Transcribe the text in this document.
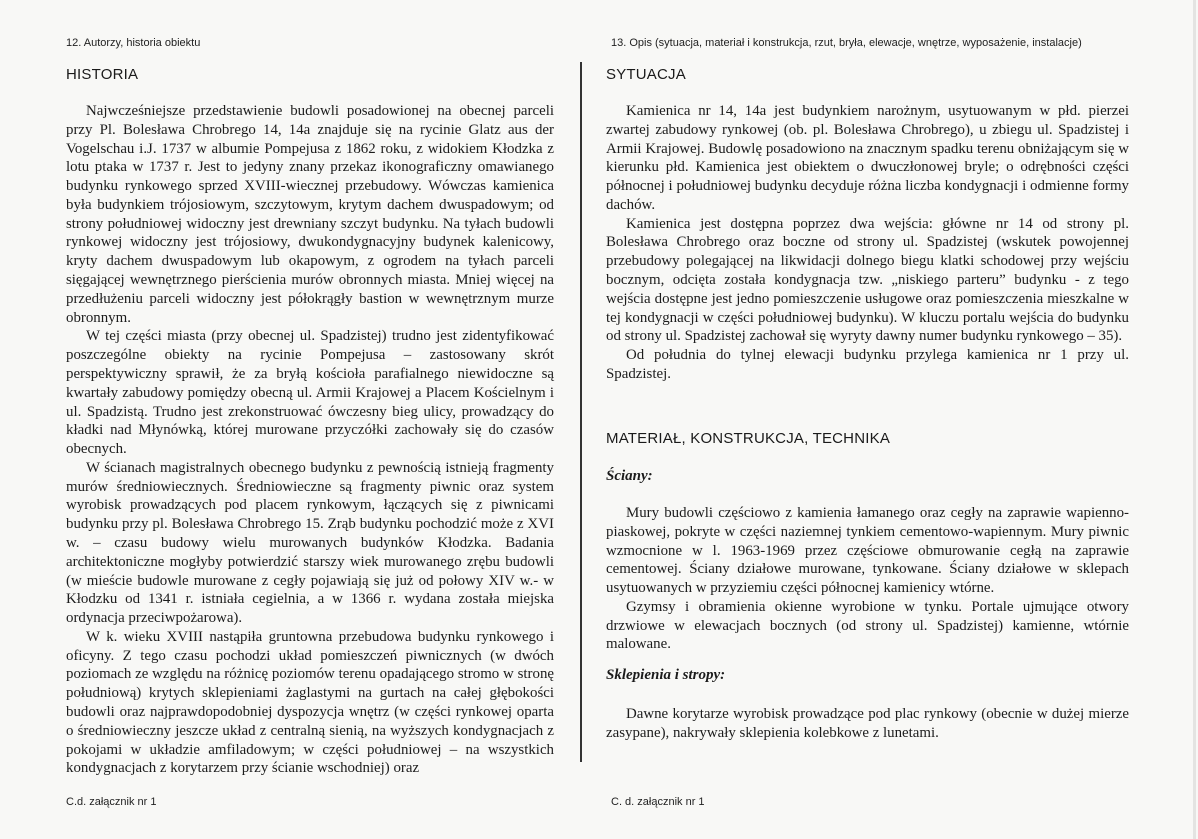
12. Autorzy, historia obiektu
HISTORIA

Najwcześniejsze przedstawienie budowli posadowionej na obecnej parceli przy Pl. Bolesława Chrobrego 14, 14a znajduje się na rycinie Glatz aus der Vogelschau i.J. 1737 w albumie Pompejusa z 1862 roku, z widokiem Kłodzka z lotu ptaka w 1737 r. Jest to jedyny znany przekaz ikonograficzny omawianego budynku rynkowego sprzed XVIII-wiecznej przebudowy. Wówczas kamienica była budynkiem trójosiowym, szczytowym, krytym dachem dwuspadowym; od strony południowej widoczny jest drewniany szczyt budynku. Na tyłach budowli rynkowej widoczny jest trójosiowy, dwukondygnacyjny budynek kalenicowy, kryty dachem dwuspadowym lub okapowym, z ogrodem na tyłach parceli sięgającej wewnętrznego pierścienia murów obronnych miasta. Mniej więcej na przedłużeniu parceli widoczny jest półokrągły bastion w wewnętrznym murze obronnym.

W tej części miasta (przy obecnej ul. Spadzistej) trudno jest zidentyfikować poszczególne obiekty na rycinie Pompejusa – zastosowany skrót perspektywiczny sprawił, że za bryłą kościoła parafialnego niewidoczne są kwartały zabudowy pomiędzy obecną ul. Armii Krajowej a Placem Kościelnym i ul. Spadzistą. Trudno jest zrekonstruować ówczesny bieg ulicy, prowadzący do kładki nad Młynówką, której murowane przyczółki zachowały się do czasów obecnych.

W ścianach magistralnych obecnego budynku z pewnością istnieją fragmenty murów średniowiecznych. Średniowieczne są fragmenty piwnic oraz system wyrobisk prowadzących pod placem rynkowym, łączących się z piwnicami budynku przy pl. Bolesława Chrobrego 15. Zrąb budynku pochodzić może z XVI w. – czasu budowy wielu murowanych budynków Kłodzka. Badania architektoniczne mogłyby potwierdzić starszy wiek murowanego zrębu budowli (w mieście budowle murowane z cegły pojawiają się już od połowy XIV w.- w Kłodzku od 1341 r. istniała cegielnia, a w 1366 r. wydana została miejska ordynacja przeciwpożarowa).

W k. wieku XVIII nastąpiła gruntowna przebudowa budynku rynkowego i oficyny. Z tego czasu pochodzi układ pomieszczeń piwnicznych (w dwóch poziomach ze względu na różnicę poziomów terenu opadającego stromo w stronę południową) krytych sklepieniami żaglastymi na gurtach na całej głębokości budowli oraz najprawdopodobniej dyspozycja wnętrz (w części rynkowej oparta o średniowieczny jeszcze układ z centralną sienią, na wyższych kondygnacjach z pokojami w układzie amfiladowym; w części południowej – na wszystkich kondygnacjach z korytarzem przy ścianie wschodniej) oraz

C.d. załącznik nr 1
13. Opis (sytuacja, materiał i konstrukcja, rzut, bryła, elewacje, wnętrze, wyposażenie, instalacje)
SYTUACJA

Kamienica nr 14, 14a jest budynkiem narożnym, usytuowanym w płd. pierzei zwartej zabudowy rynkowej (ob. pl. Bolesława Chrobrego), u zbiegu ul. Spadzistej i Armii Krajowej. Budowlę posadowiono na znacznym spadku terenu obniżającym się w kierunku płd. Kamienica jest obiektem o dwuczłonowej bryle; o odrębności części północnej i południowej budynku decyduje różna liczba kondygnacji i odmienne formy dachów.

Kamienica jest dostępna poprzez dwa wejścia: główne nr 14 od strony pl. Bolesława Chrobrego oraz boczne od strony ul. Spadzistej (wskutek powojennej przebudowy polegającej na likwidacji dolnego biegu klatki schodowej przy wejściu bocznym, odcięta została kondygnacja tzw. „niskiego parteru” budynku - z tego wejścia dostępne jest jedno pomieszczenie usługowe oraz pomieszczenia mieszkalne w tej kondygnacji w części południowej budynku). W kluczu portalu wejścia do budynku od strony ul. Spadzistej zachował się wyryty dawny numer budynku rynkowego – 35).

Od południa do tylnej elewacji budynku przylega kamienica nr 1 przy ul. Spadzistej.

MATERIAŁ, KONSTRUKCJA, TECHNIKA
Ściany:

Mury budowli częściowo z kamienia łamanego oraz cegły na zaprawie wapienno-piaskowej, pokryte w części naziemnej tynkiem cementowo-wapiennym. Mury piwnic wzmocnione w l. 1963-1969 przez częściowe obmurowanie cegłą na zaprawie cementowej. Ściany działowe murowane, tynkowane. Ściany działowe w sklepach usytuowanych w przyziemiu części północnej kamienicy wtórne.

Gzymsy i obramienia okienne wyrobione w tynku. Portale ujmujące otwory drzwiowe w elewacjach bocznych (od strony ul. Spadzistej) kamienne, wtórnie malowane.

Sklepienia i stropy:

Dawne korytarze wyrobisk prowadzące pod plac rynkowy (obecnie w dużej mierze zasypane), nakrywały sklepienia kolebkowe z lunetami.

C. d. załącznik nr 1
